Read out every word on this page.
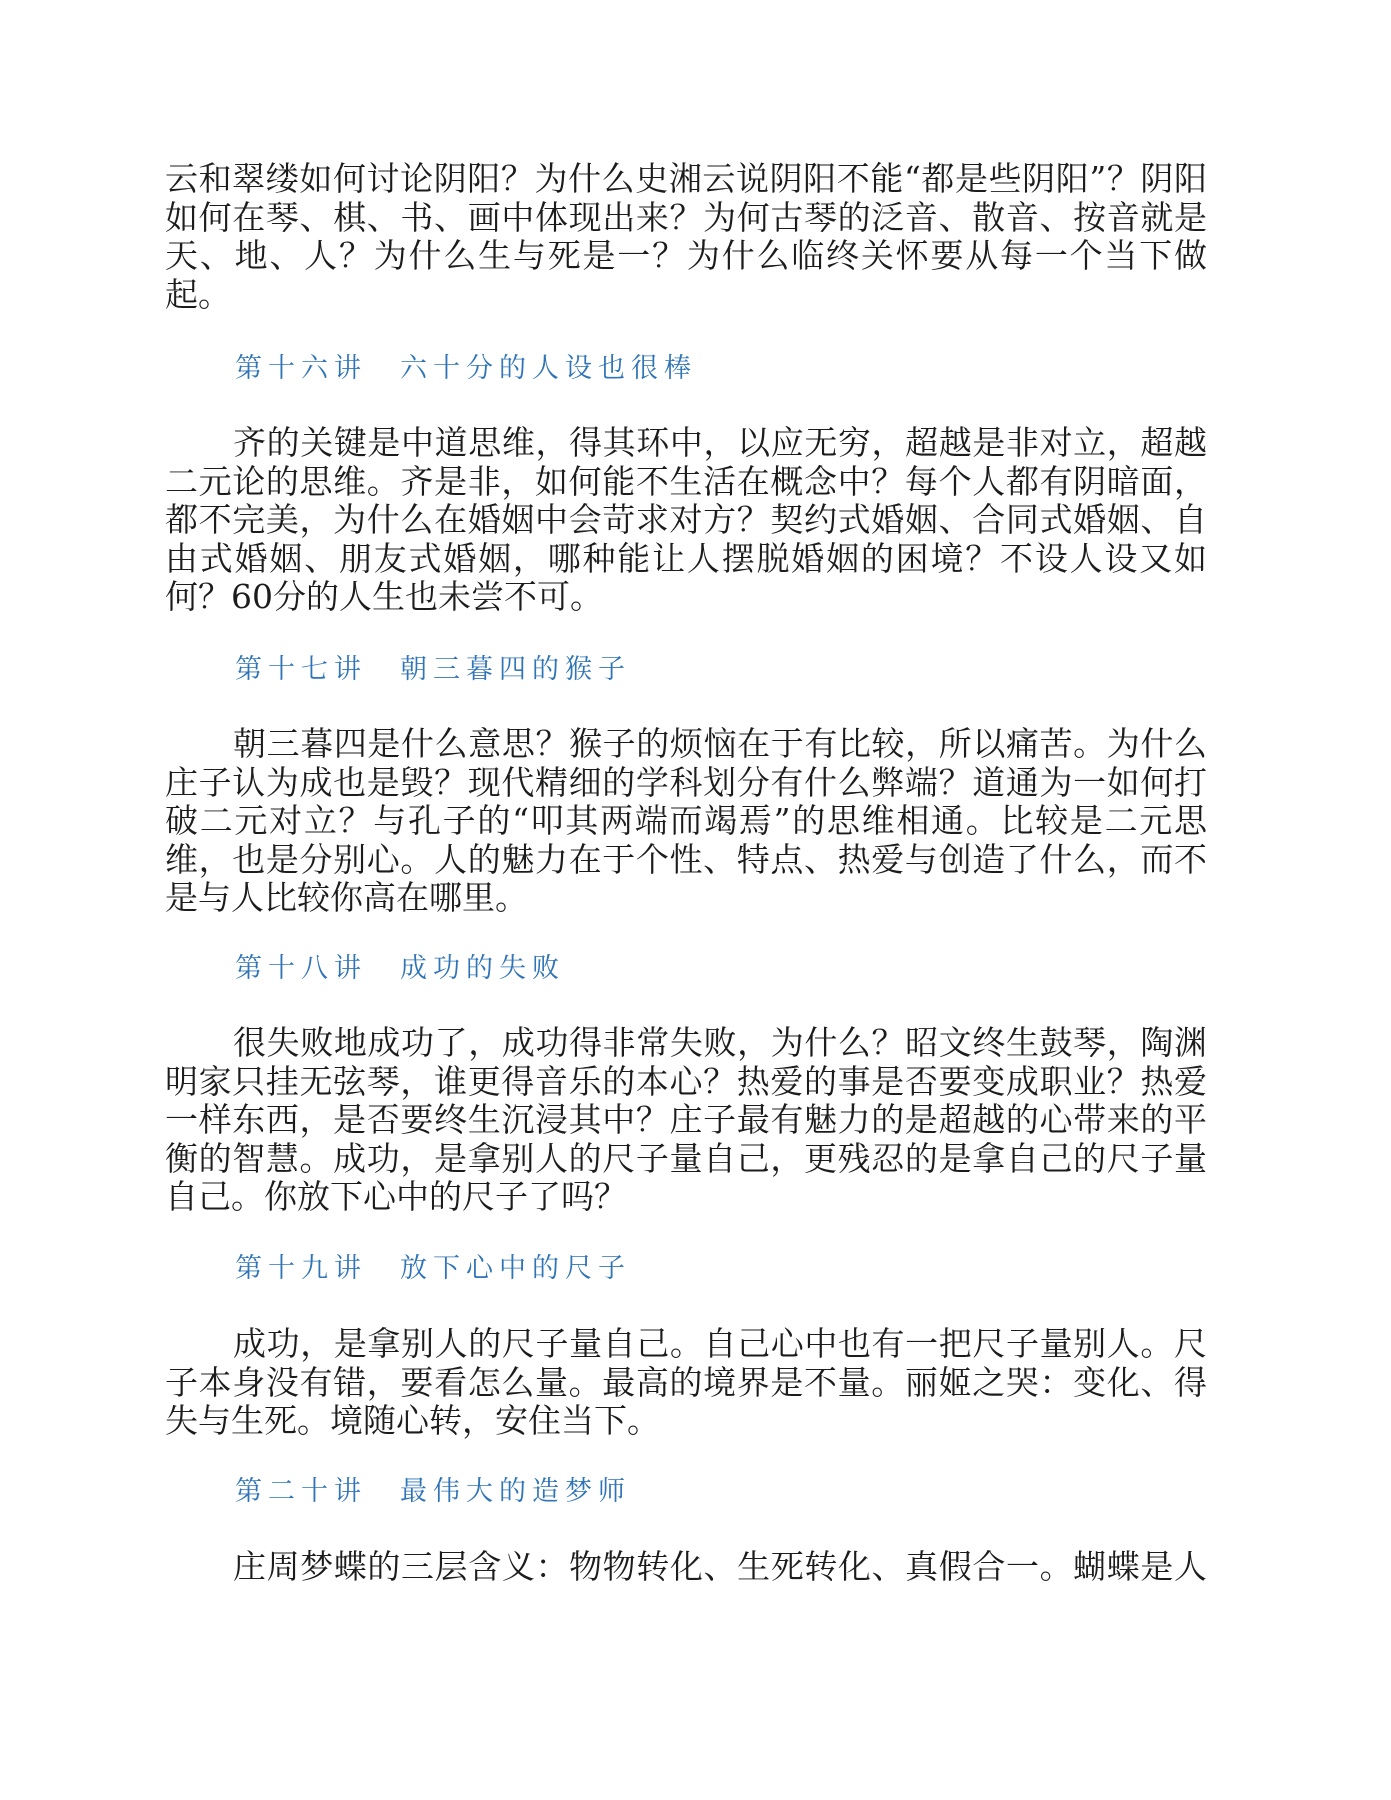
云和翠缕如何讨论阴阳？为什么史湘云说阴阳不能“都是些阴阳”？阴阳
如何在琴、棋、书、画中体现出来？为何古琴的泛音、散音、按音就是
天、地、人？为什么生与死是一？为什么临终关怀要从每一个当下做
起。
第十六讲　六十分的人设也很棒
齐的关键是中道思维，得其环中，以应无穷，超越是非对立，超越
二元论的思维。齐是非，如何能不生活在概念中？每个人都有阴暗面，
都不完美，为什么在婚姻中会苛求对方？契约式婚姻、合同式婚姻、自
由式婚姻、朋友式婚姻，哪种能让人摆脱婚姻的困境？不设人设又如
何？60分的人生也未尝不可。
第十七讲　朝三暮四的猴子
朝三暮四是什么意思？猴子的烦恼在于有比较，所以痛苦。为什么
庄子认为成也是毁？现代精细的学科划分有什么弊端？道通为一如何打
破二元对立？与孔子的“叩其两端而竭焉”的思维相通。比较是二元思
维，也是分别心。人的魅力在于个性、特点、热爱与创造了什么，而不
是与人比较你高在哪里。
第十八讲　成功的失败
很失败地成功了，成功得非常失败，为什么？昭文终生鼓琴，陶渊
明家只挂无弦琴，谁更得音乐的本心？热爱的事是否要变成职业？热爱
一样东西，是否要终生沉浸其中？庄子最有魅力的是超越的心带来的平
衡的智慧。成功，是拿别人的尺子量自己，更残忍的是拿自己的尺子量
自己。你放下心中的尺子了吗？
第十九讲　放下心中的尺子
成功，是拿别人的尺子量自己。自己心中也有一把尺子量别人。尺
子本身没有错，要看怎么量。最高的境界是不量。丽姬之哭：变化、得
失与生死。境随心转，安住当下。
第二十讲　最伟大的造梦师
庄周梦蝶的三层含义：物物转化、生死转化、真假合一。蝴蝶是人
